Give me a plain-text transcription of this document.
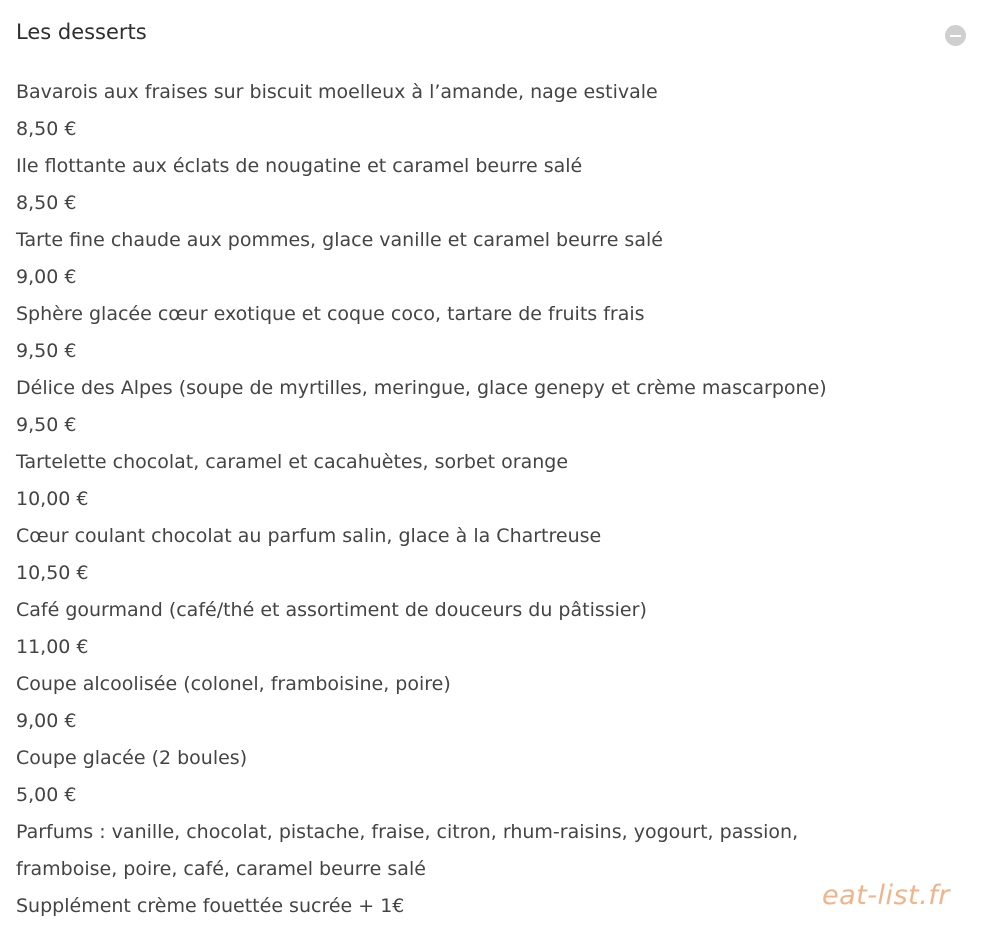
Les desserts
Bavarois aux fraises sur biscuit moelleux à l’amande, nage estivale
8,50 €
Ile flottante aux éclats de nougatine et caramel beurre salé
8,50 €
Tarte fine chaude aux pommes, glace vanille et caramel beurre salé
9,00 €
Sphère glacée cœur exotique et coque coco, tartare de fruits frais
9,50 €
Délice des Alpes (soupe de myrtilles, meringue, glace genepy et crème mascarpone)
9,50 €
Tartelette chocolat, caramel et cacahuètes, sorbet orange
10,00 €
Cœur coulant chocolat au parfum salin, glace à la Chartreuse
10,50 €
Café gourmand (café/thé et assortiment de douceurs du pâtissier)
11,00 €
Coupe alcoolisée (colonel, framboisine, poire)
9,00 €
Coupe glacée (2 boules)
5,00 €
Parfums : vanille, chocolat, pistache, fraise, citron, rhum-raisins, yogourt, passion,
framboise, poire, café, caramel beurre salé
Supplément crème fouettée sucrée + 1€	eat-list.fr
